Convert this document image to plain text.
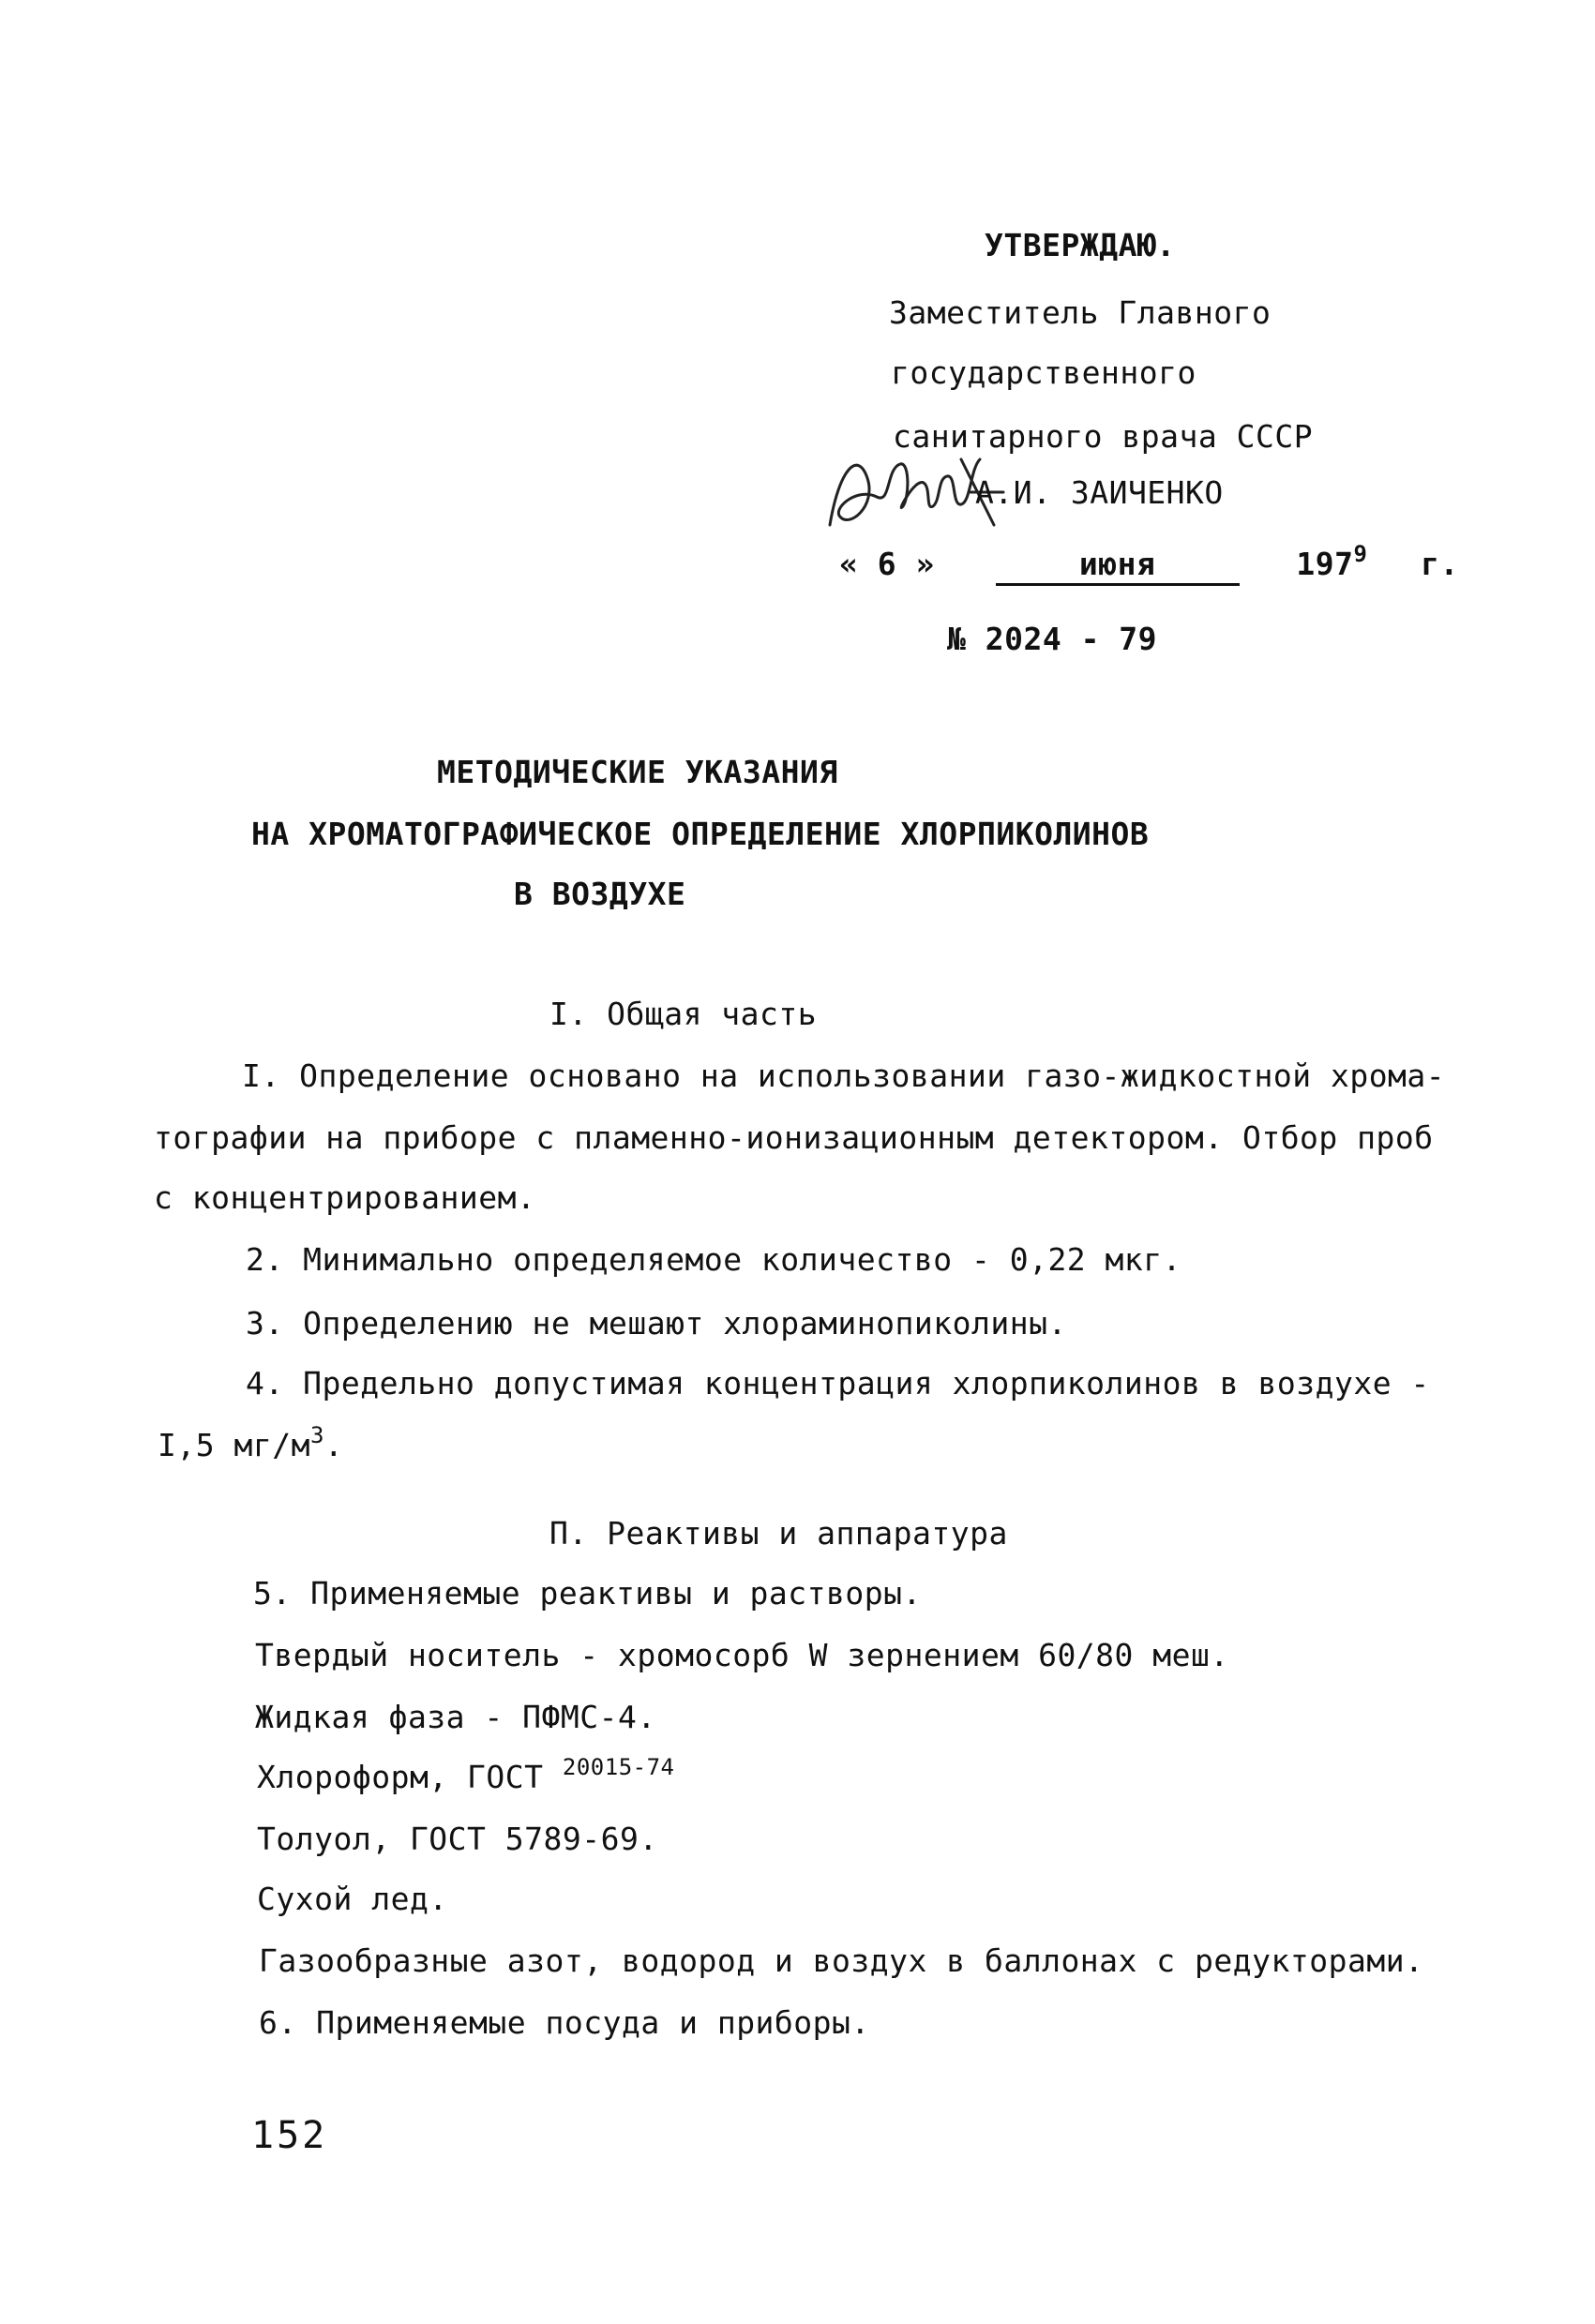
УТВЕРЖДАЮ.
Заместитель Главного
государственного
санитарного врача СССР
А.И. ЗАИЧЕНКО
« 6 »	июня	$197^9$ г.
№ 2024 - 79
МЕТОДИЧЕСКИЕ УКАЗАНИЯ
НА ХРОМАТОГРАФИЧЕСКОЕ ОПРЕДЕЛЕНИЕ ХЛОРПИКОЛИНОВ
В ВОЗДУХЕ
I. Общая часть
I. Определение основано на использовании газо-жидкостной хрома-
тографии на приборе с пламенно-ионизационным детектором. Отбор проб
с концентрированием.
2. Минимально определяемое количество - 0,22 мкг.
3. Определению не мешают хлораминопиколины.
4. Предельно допустимая концентрация хлорпиколинов в воздухе -
I,5 $мг/м^3$.
П. Реактивы и аппаратура
5. Применяемые реактивы и растворы.
Твердый носитель - хромосорб W зернением 60/80 меш.
Жидкая фаза - ПФМС-4.
Хлороформ, ГОСТ $^{20015-74}$
Толуол, ГОСТ 5789-69.
Сухой лед.
Газообразные азот, водород и воздух в баллонах с редукторами.
6. Применяемые посуда и приборы.
152
